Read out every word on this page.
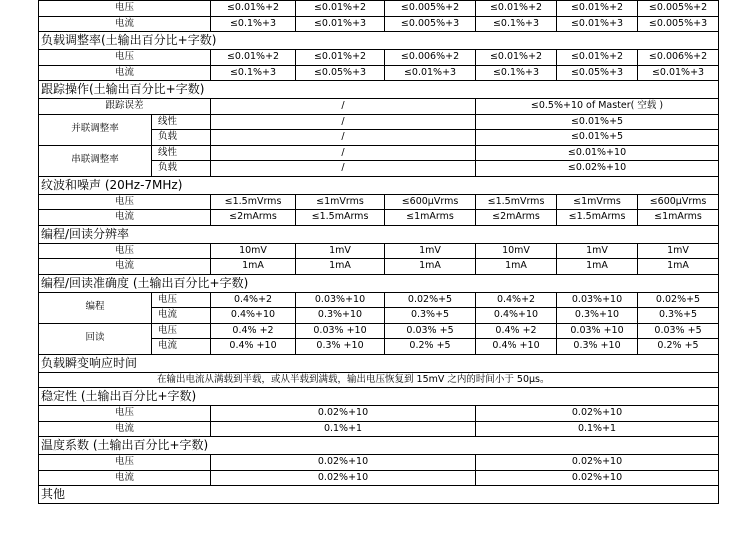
电压		≤0.01%+2	≤0.01%+2	≤0.005%+2	≤0.01%+2	≤0.01%+2	≤0.005%+2
电流		≤0.1%+3	≤0.01%+3	≤0.005%+3	≤0.1%+3	≤0.01%+3	≤0.005%+3
负载调整率(土输出百分比+字数)							
电压		≤0.01%+2	≤0.01%+2	≤0.006%+2	≤0.01%+2	≤0.01%+2	≤0.006%+2
电流		≤0.1%+3	≤0.05%+3	≤0.01%+3	≤0.1%+3	≤0.05%+3	≤0.01%+3
跟踪操作(土输出百分比+字数)							
跟踪误差		/			≤0.5%+10 of Master( 空载 )		
并联调整率	线性	/			≤0.01%+5		
	负载	/			≤0.01%+5		
串联调整率	线性	/			≤0.01%+10		
	负载	/			≤0.02%+10		
纹波和噪声 (20Hz-7MHz)							
电压		≤1.5mVrms	≤1mVrms	≤600μVrms	≤1.5mVrms	≤1mVrms	≤600μVrms
电流		≤2mArms	≤1.5mArms	≤1mArms	≤2mArms	≤1.5mArms	≤1mArms
编程/回读分辨率							
电压		10mV	1mV	1mV	10mV	1mV	1mV
电流		1mA	1mA	1mA	1mA	1mA	1mA
编程/回读准确度 (土输出百分比+字数)							
编程	电压	0.4%+2	0.03%+10	0.02%+5	0.4%+2	0.03%+10	0.02%+5
	电流	0.4%+10	0.3%+10	0.3%+5	0.4%+10	0.3%+10	0.3%+5
回读	电压	0.4% +2	0.03% +10	0.03% +5	0.4% +2	0.03% +10	0.03% +5
	电流	0.4% +10	0.3% +10	0.2% +5	0.4% +10	0.3% +10	0.2% +5
负载瞬变响应时间							
在输出电流从满载到半载，或从半载到满载，输出电压恢复到 15mV 之内的时间小于 50μs。							
稳定性 (土输出百分比+字数)							
电压		0.02%+10			0.02%+10		
电流		0.1%+1			0.1%+1		
温度系数 (土输出百分比+字数)							
电压		0.02%+10			0.02%+10		
电流		0.02%+10			0.02%+10		
其他							
